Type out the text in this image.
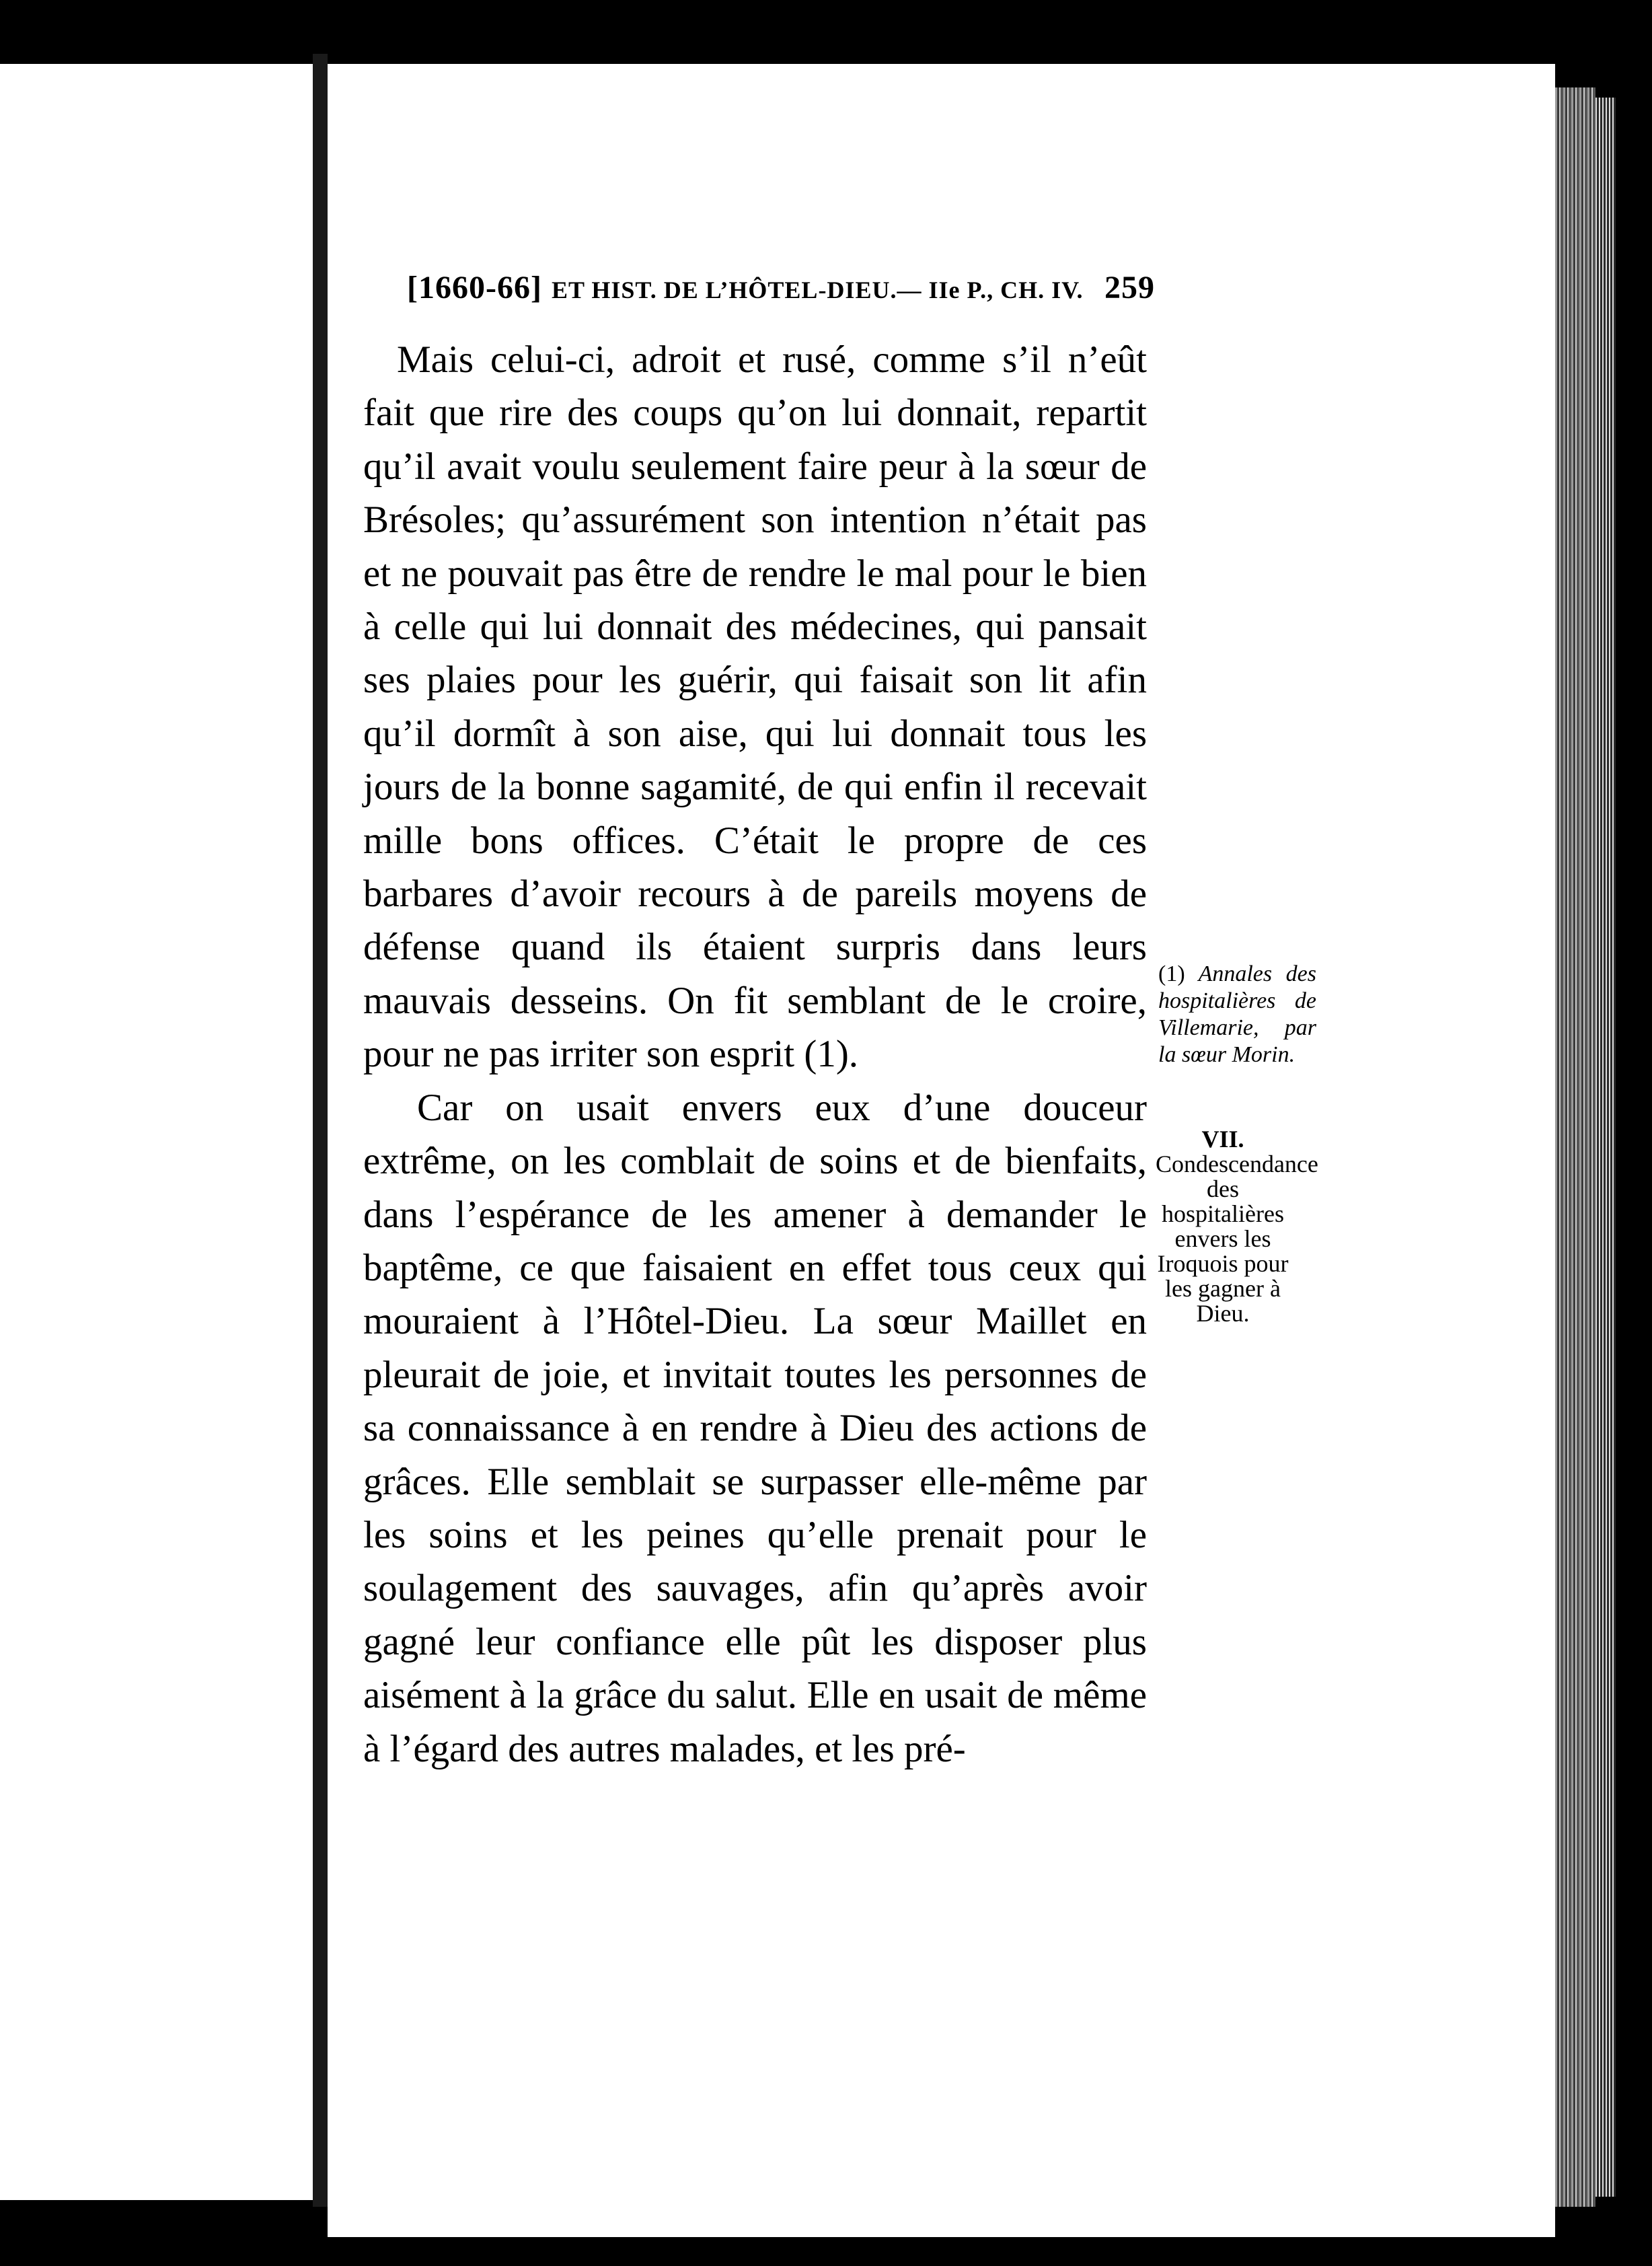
[1660-66] ET HIST. DE L’HÔTEL-DIEU.— IIe P., CH. IV. 259

Mais celui-ci, adroit et rusé, comme s’il n’eût fait que rire des coups qu’on lui donnait, repartit qu’il avait voulu seulement faire peur à la sœur de Brésoles; qu’assurément son intention n’était pas et ne pouvait pas être de rendre le mal pour le bien à celle qui lui donnait des médecines, qui pansait ses plaies pour les guérir, qui faisait son lit afin qu’il dormît à son aise, qui lui donnait tous les jours de la bonne sagamité, de qui enfin il recevait mille bons offices. C’était le propre de ces barbares d’avoir recours à de pareils moyens de défense quand ils étaient surpris dans leurs mauvais desseins. On fit semblant de le croire, pour ne pas irriter son esprit (1).

Car on usait envers eux d’une douceur extrême, on les comblait de soins et de bienfaits, dans l’espérance de les amener à demander le baptême, ce que faisaient en effet tous ceux qui mouraient à l’Hôtel-Dieu. La sœur Maillet en pleurait de joie, et invitait toutes les personnes de sa connaissance à en rendre à Dieu des actions de grâces. Elle semblait se surpasser elle-même par les soins et les peines qu’elle prenait pour le soulagement des sauvages, afin qu’après avoir gagné leur confiance elle pût les disposer plus aisément à la grâce du salut. Elle en usait de même à l’égard des autres malades, et les pré-

(1) Annales des hospitalières de Villemarie, par la sœur Morin.
VII.
Condescendance des hospitalières envers les Iroquois pour les gagner à Dieu.
